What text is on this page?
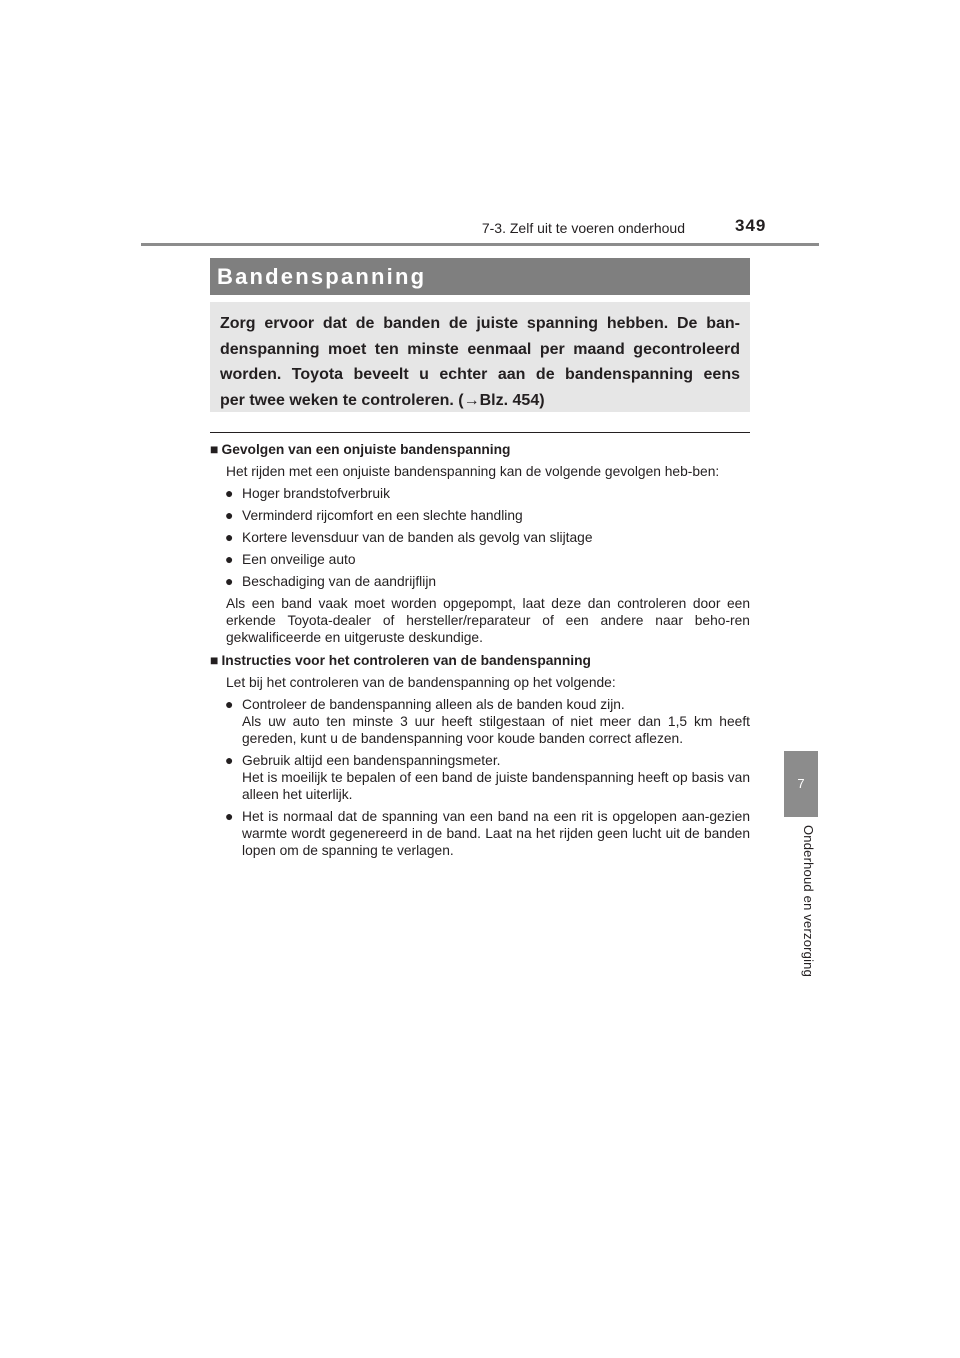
7-3. Zelf uit te voeren onderhoud	349
7
Onderhoud en verzorging
Bandenspanning
Zorg ervoor dat de banden de juiste spanning hebben. De ban-
denspanning moet ten minste eenmaal per maand gecontroleerd
worden. Toyota beveelt u echter aan de bandenspanning eens
per twee weken te controleren. (→Blz. 454)

■ Gevolgen van een onjuiste bandenspanning

Het rijden met een onjuiste bandenspanning kan de volgende gevolgen heb-ben:

● Hoger brandstofverbruik
● Verminderd rijcomfort en een slechte handling
● Kortere levensduur van de banden als gevolg van slijtage
● Een onveilige auto
● Beschadiging van de aandrijflijn

Als een band vaak moet worden opgepompt, laat deze dan controleren door een erkende Toyota-dealer of hersteller/reparateur of een andere naar beho-ren gekwalificeerde en uitgeruste deskundige.

■ Instructies voor het controleren van de bandenspanning

Let bij het controleren van de bandenspanning op het volgende:

● Controleer de bandenspanning alleen als de banden koud zijn.
Als uw auto ten minste 3 uur heeft stilgestaan of niet meer dan 1,5 km heeft gereden, kunt u de bandenspanning voor koude banden correct aflezen.
● Gebruik altijd een bandenspanningsmeter.
Het is moeilijk te bepalen of een band de juiste bandenspanning heeft op basis van alleen het uiterlijk.
● Het is normaal dat de spanning van een band na een rit is opgelopen aan-gezien warmte wordt gegenereerd in de band. Laat na het rijden geen lucht uit de banden lopen om de spanning te verlagen.
